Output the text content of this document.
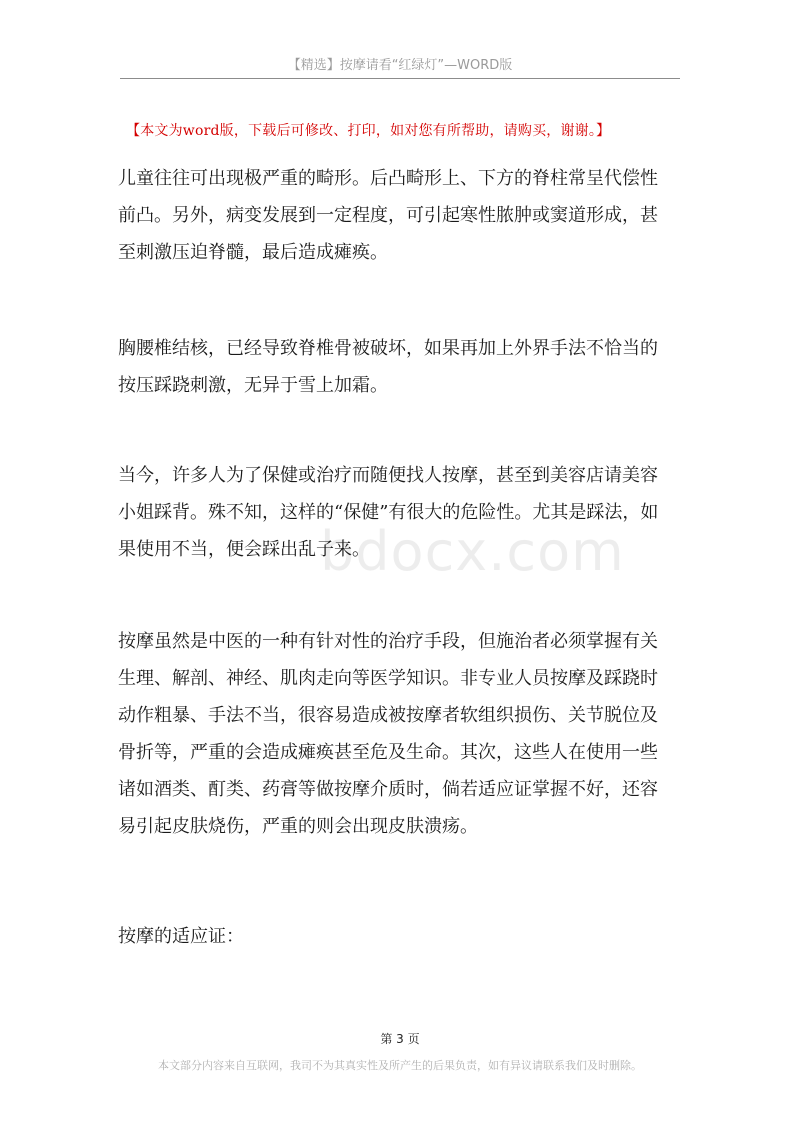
【精选】按摩请看“红绿灯”—WORD版
【本文为word版，下载后可修改、打印，如对您有所帮助，请购买，谢谢。】
bdocx.com
儿童往往可出现极严重的畸形。后凸畸形上、下方的脊柱常呈代偿性
前凸。另外，病变发展到一定程度，可引起寒性脓肿或窦道形成，甚
至刺激压迫脊髓，最后造成瘫痪。
胸腰椎结核，已经导致脊椎骨被破坏，如果再加上外界手法不恰当的
按压踩跷刺激，无异于雪上加霜。
当今，许多人为了保健或治疗而随便找人按摩，甚至到美容店请美容
小姐踩背。殊不知，这样的“保健”有很大的危险性。尤其是踩法，如
果使用不当，便会踩出乱子来。
按摩虽然是中医的一种有针对性的治疗手段，但施治者必须掌握有关
生理、解剖、神经、肌肉走向等医学知识。非专业人员按摩及踩跷时
动作粗暴、手法不当，很容易造成被按摩者软组织损伤、关节脱位及
骨折等，严重的会造成瘫痪甚至危及生命。其次，这些人在使用一些
诸如酒类、酊类、药膏等做按摩介质时，倘若适应证掌握不好，还容
易引起皮肤烧伤，严重的则会出现皮肤溃疡。
按摩的适应证：
第 3 页
本文部分内容来自互联网，我司不为其真实性及所产生的后果负责，如有异议请联系我们及时删除。
